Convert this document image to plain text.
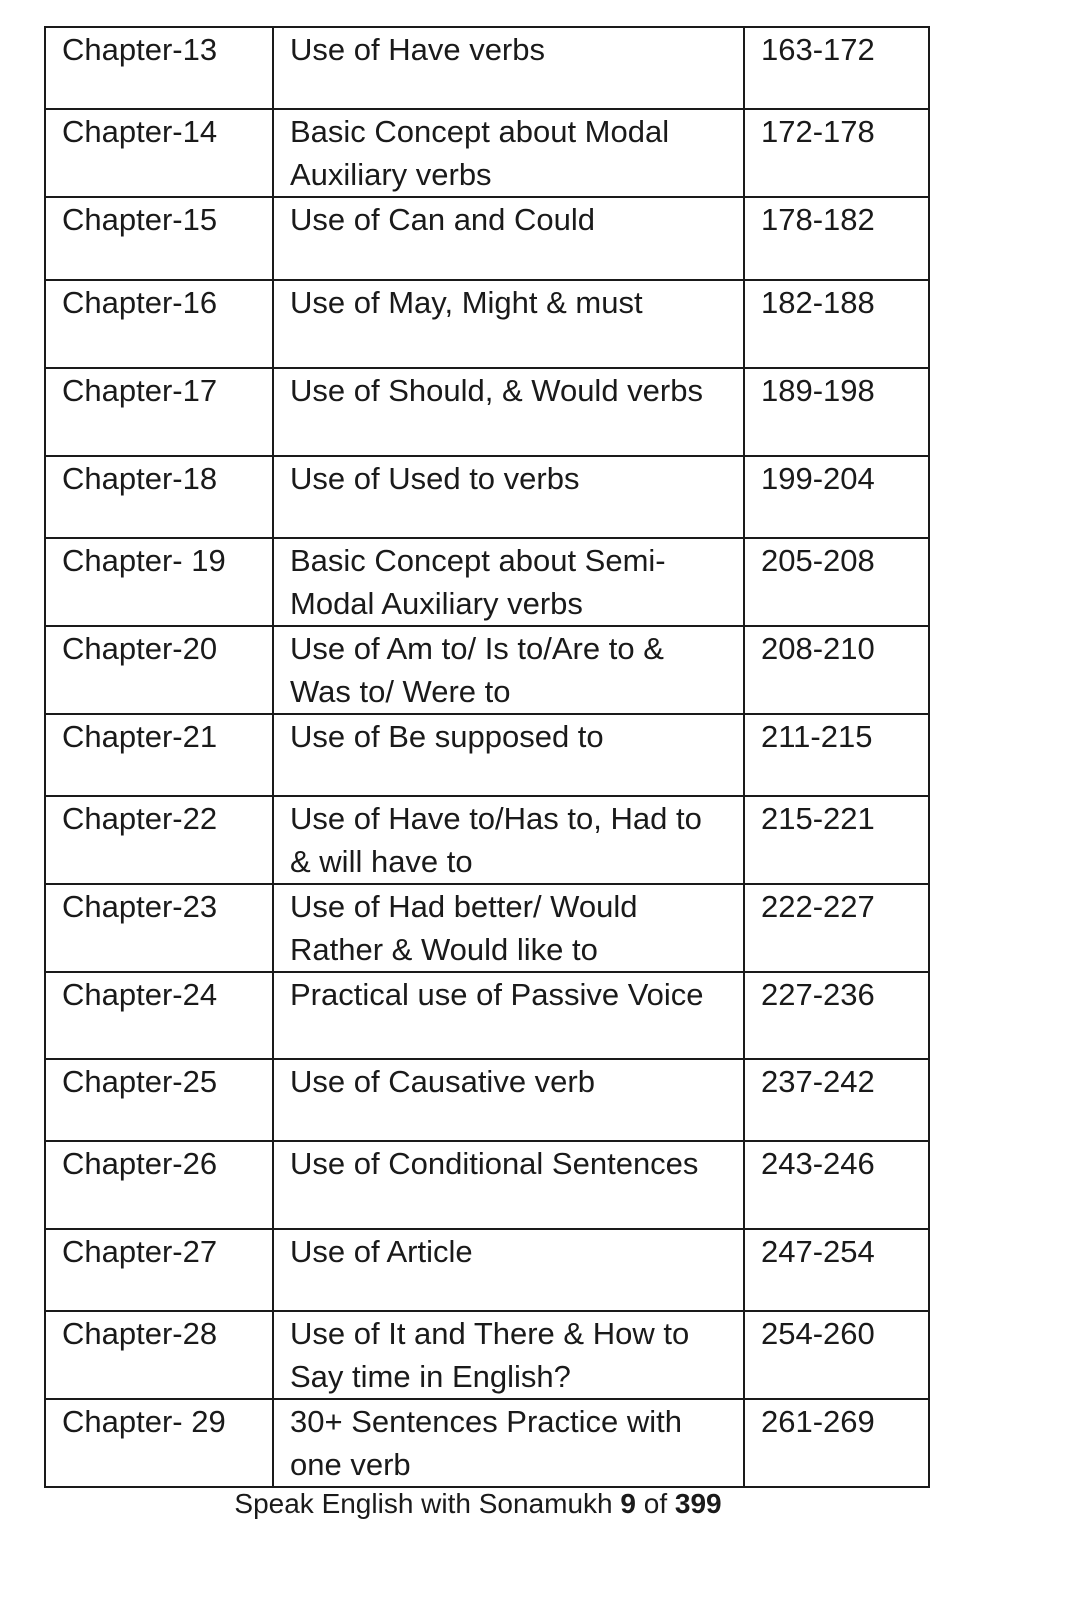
Chapter-13	Use of Have verbs	163-172
Chapter-14	Basic Concept about Modal Auxiliary verbs	172-178
Chapter-15	Use of Can and Could	178-182
Chapter-16	Use of May, Might & must	182-188
Chapter-17	Use of Should, & Would verbs	189-198
Chapter-18	Use of Used to verbs	199-204
Chapter- 19	Basic Concept about Semi-Modal Auxiliary verbs	205-208
Chapter-20	Use of Am to/ Is to/Are to & Was to/ Were to	208-210
Chapter-21	Use of Be supposed to	211-215
Chapter-22	Use of Have to/Has to, Had to & will have to	215-221
Chapter-23	Use of Had better/ Would Rather & Would like to	222-227
Chapter-24	Practical use of Passive Voice	227-236
Chapter-25	Use of Causative verb	237-242
Chapter-26	Use of Conditional Sentences	243-246
Chapter-27	Use of Article	247-254
Chapter-28	Use of It and There & How to Say time in English?	254-260
Chapter- 29	30+ Sentences Practice with one verb	261-269
Speak English with Sonamukh 9 of 399
